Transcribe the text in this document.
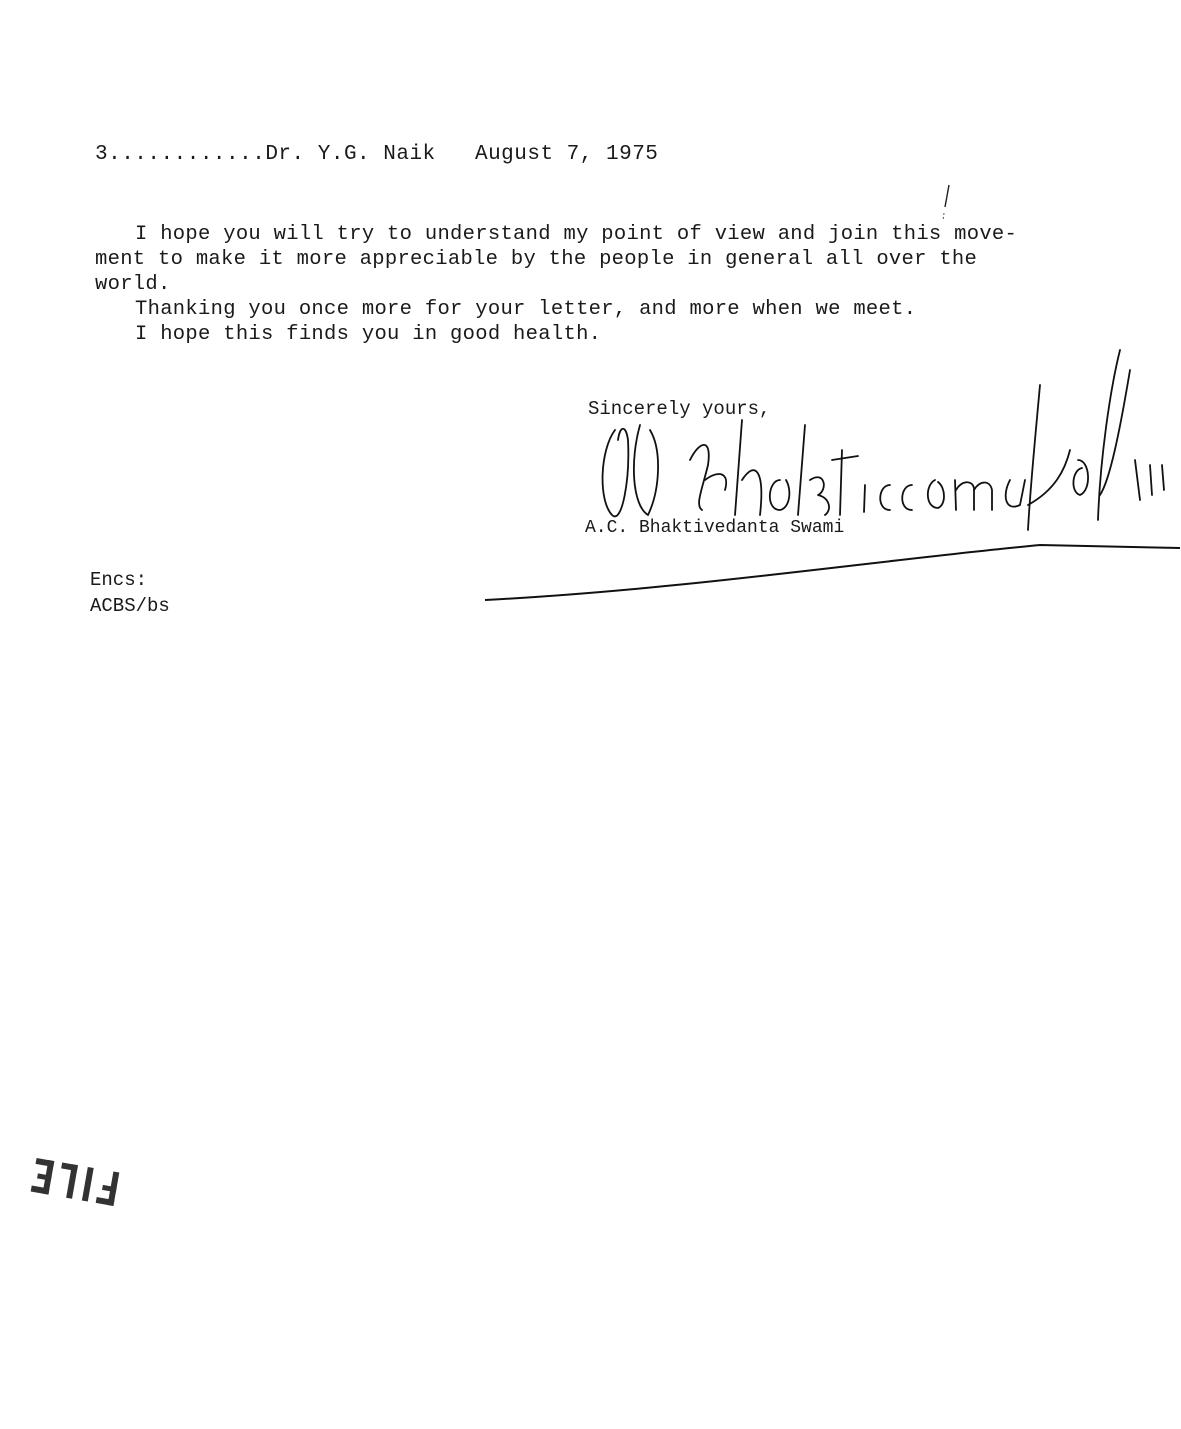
3............Dr. Y.G. Naik August 7, 1975
I hope you will try to understand my point of view and join this move-
ment to make it more appreciable by the people in general all over the
world.
Thanking you once more for your letter, and more when we meet.
I hope this finds you in good health.
Sincerely yours,
A.C. Bhaktivedanta Swami
Encs:
ACBS/bs
